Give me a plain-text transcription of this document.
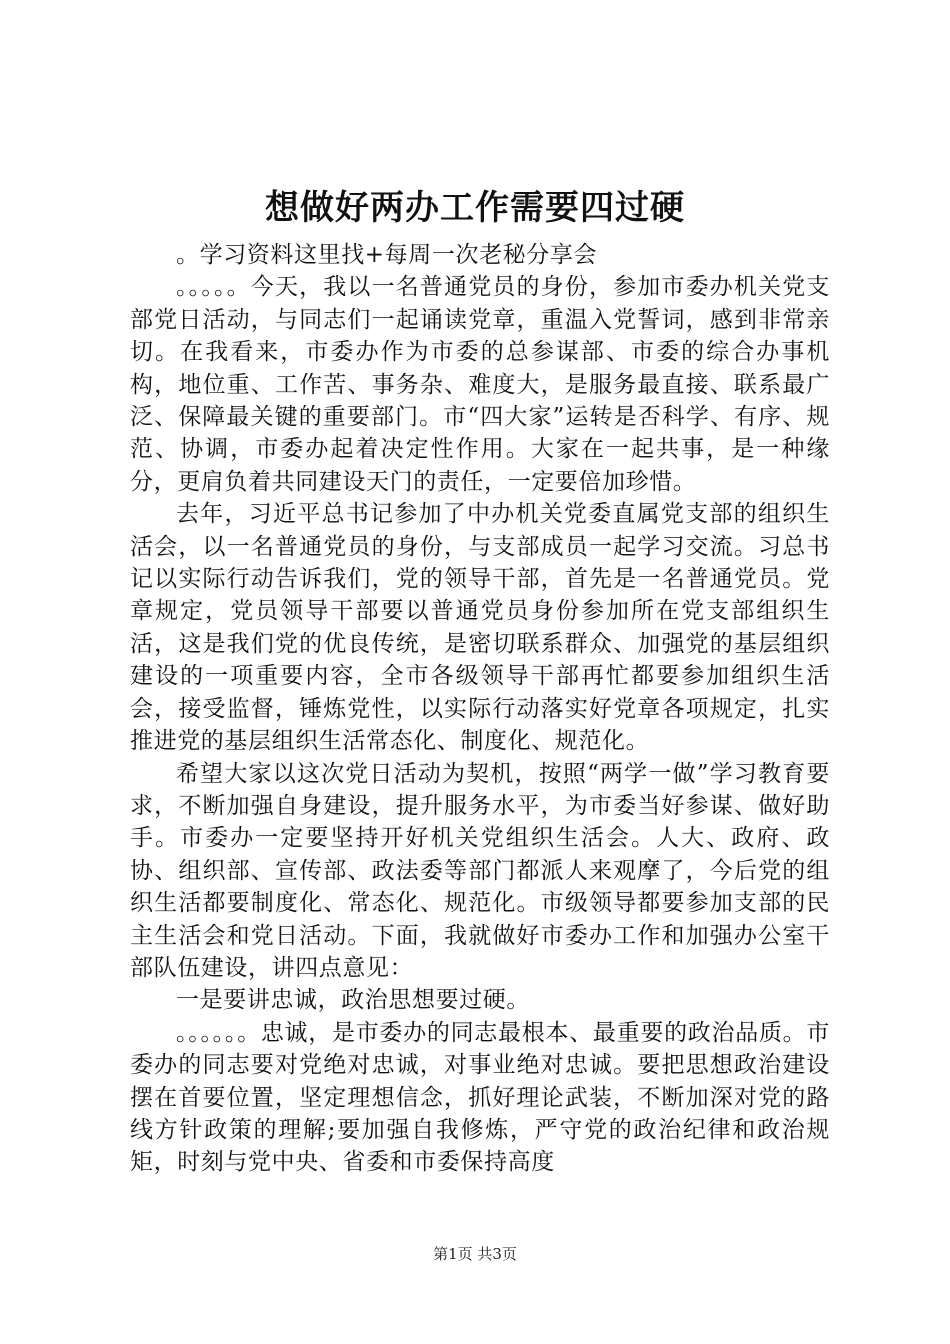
想做好两办工作需要四过硬

。学习资料这里找+每周一次老秘分享会

。。。。。今天，我以一名普通党员的身份，参加市委办机关党支部党日活动，与同志们一起诵读党章，重温入党誓词，感到非常亲切。在我看来，市委办作为市委的总参谋部、市委的综合办事机构，地位重、工作苦、事务杂、难度大，是服务最直接、联系最广泛、保障最关键的重要部门。市“四大家”运转是否科学、有序、规范、协调，市委办起着决定性作用。大家在一起共事，是一种缘分，更肩负着共同建设天门的责任，一定要倍加珍惜。

去年，习近平总书记参加了中办机关党委直属党支部的组织生活会，以一名普通党员的身份，与支部成员一起学习交流。习总书记以实际行动告诉我们，党的领导干部，首先是一名普通党员。党章规定，党员领导干部要以普通党员身份参加所在党支部组织生活，这是我们党的优良传统，是密切联系群众、加强党的基层组织建设的一项重要内容，全市各级领导干部再忙都要参加组织生活会，接受监督，锤炼党性，以实际行动落实好党章各项规定，扎实推进党的基层组织生活常态化、制度化、规范化。

希望大家以这次党日活动为契机，按照“两学一做”学习教育要求，不断加强自身建设，提升服务水平，为市委当好参谋、做好助手。市委办一定要坚持开好机关党组织生活会。人大、政府、政协、组织部、宣传部、政法委等部门都派人来观摩了，今后党的组织生活都要制度化、常态化、规范化。市级领导都要参加支部的民主生活会和党日活动。下面，我就做好市委办工作和加强办公室干部队伍建设，讲四点意见：

一是要讲忠诚，政治思想要过硬。

。。。。。。忠诚，是市委办的同志最根本、最重要的政治品质。市委办的同志要对党绝对忠诚，对事业绝对忠诚。要把思想政治建设摆在首要位置，坚定理想信念，抓好理论武装，不断加深对党的路线方针政策的理解;要加强自我修炼，严守党的政治纪律和政治规矩，时刻与党中央、省委和市委保持高度

第1页 共3页
